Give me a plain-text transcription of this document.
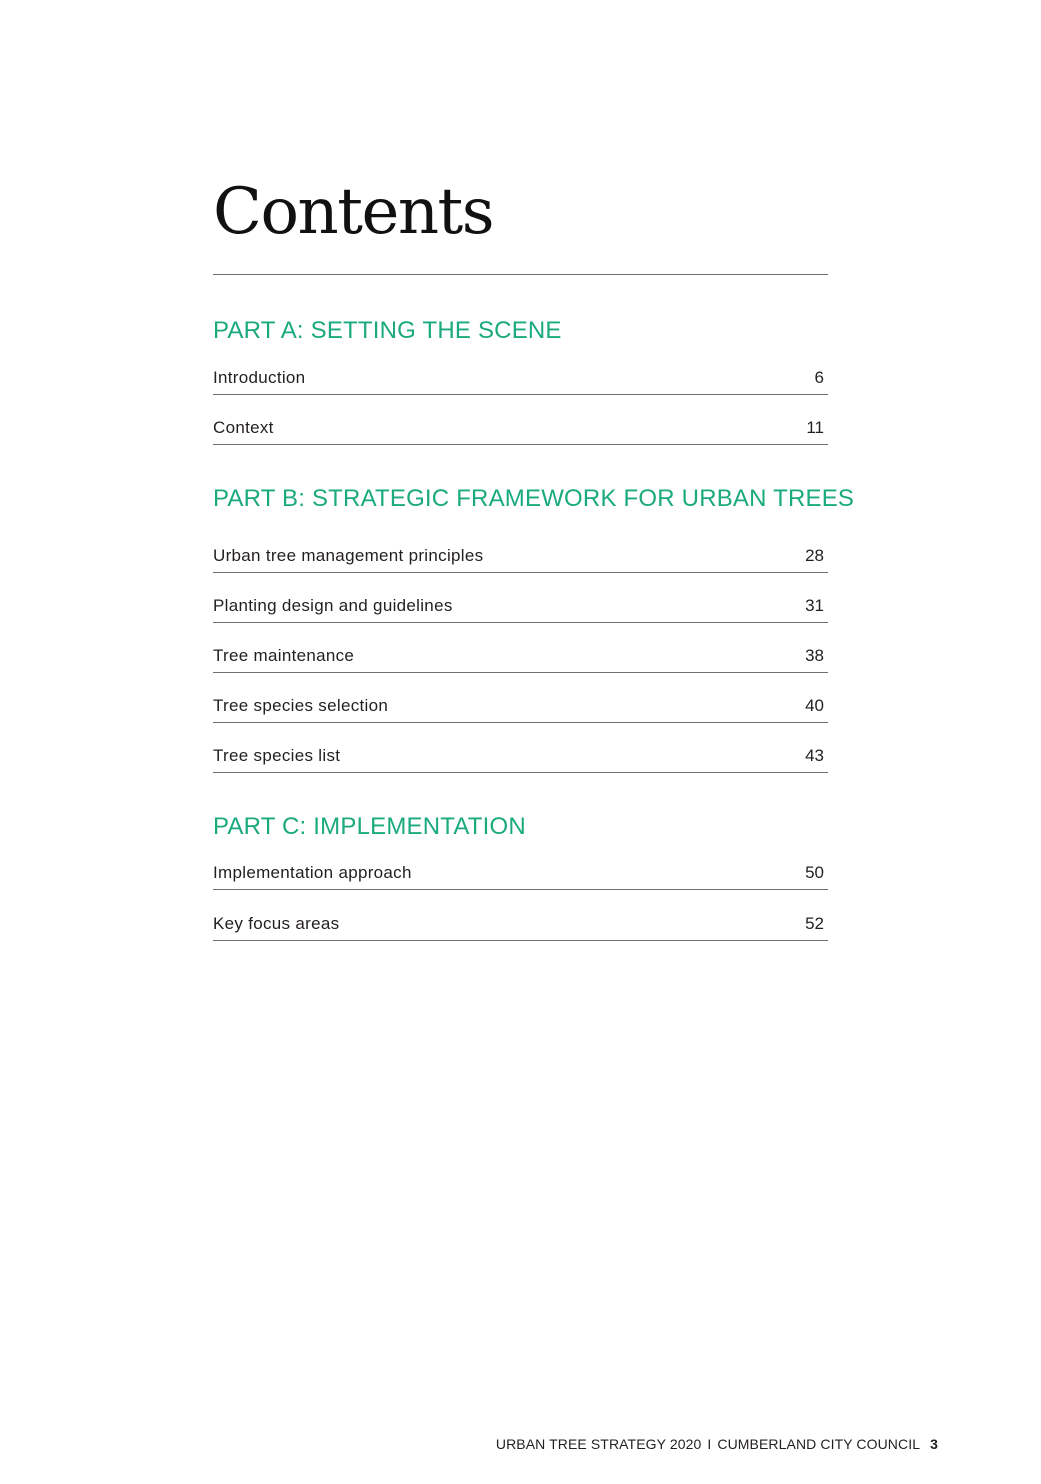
Contents
PART A: SETTING THE SCENE
Introduction	6
Context	11
PART B: STRATEGIC FRAMEWORK FOR URBAN TREES
Urban tree management principles	28
Planting design and guidelines	31
Tree maintenance	38
Tree species selection	40
Tree species list	43
PART C: IMPLEMENTATION
Implementation approach	50
Key focus areas	52
URBAN TREE STRATEGY 2020 I CUMBERLAND CITY COUNCIL 3
